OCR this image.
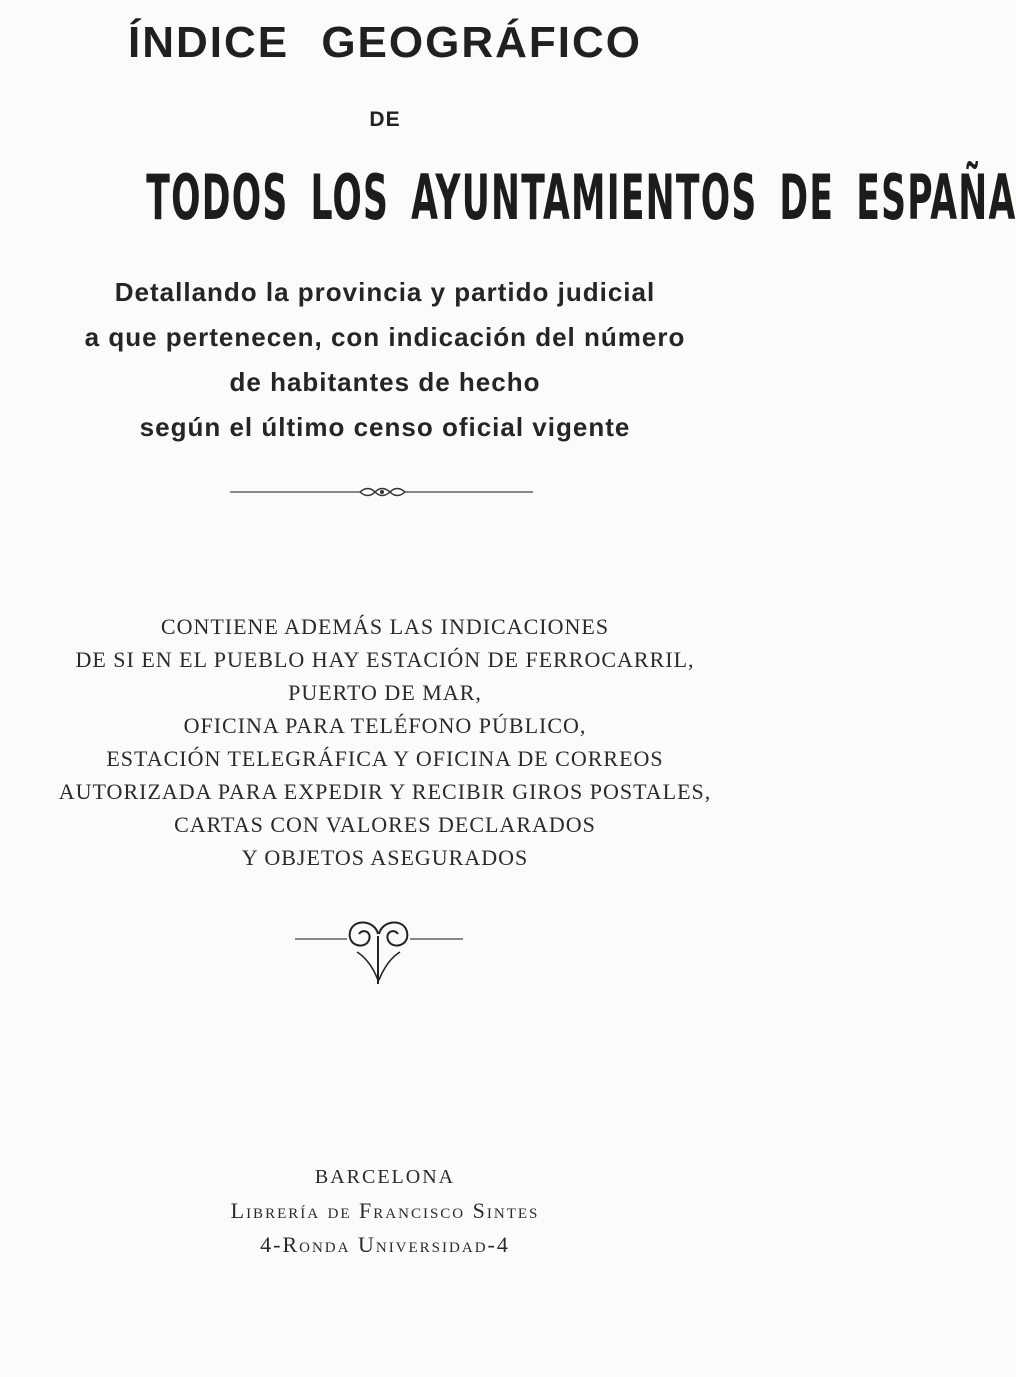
ÍNDICE GEOGRÁFICO
DE
TODOS LOS AYUNTAMIENTOS DE ESPAÑA
Detallando la provincia y partido judicial
a que pertenecen, con indicación del número
de habitantes de hecho
según el último censo oficial vigente
CONTIENE ADEMÁS LAS INDICACIONES
DE SI EN EL PUEBLO HAY ESTACIÓN DE FERROCARRIL,
PUERTO DE MAR,
OFICINA PARA TELÉFONO PÚBLICO,
ESTACIÓN TELEGRÁFICA Y OFICINA DE CORREOS
AUTORIZADA PARA EXPEDIR Y RECIBIR GIROS POSTALES,
CARTAS CON VALORES DECLARADOS
Y OBJETOS ASEGURADOS
BARCELONA
Librería de Francisco Sintes
4-Ronda Universidad-4
